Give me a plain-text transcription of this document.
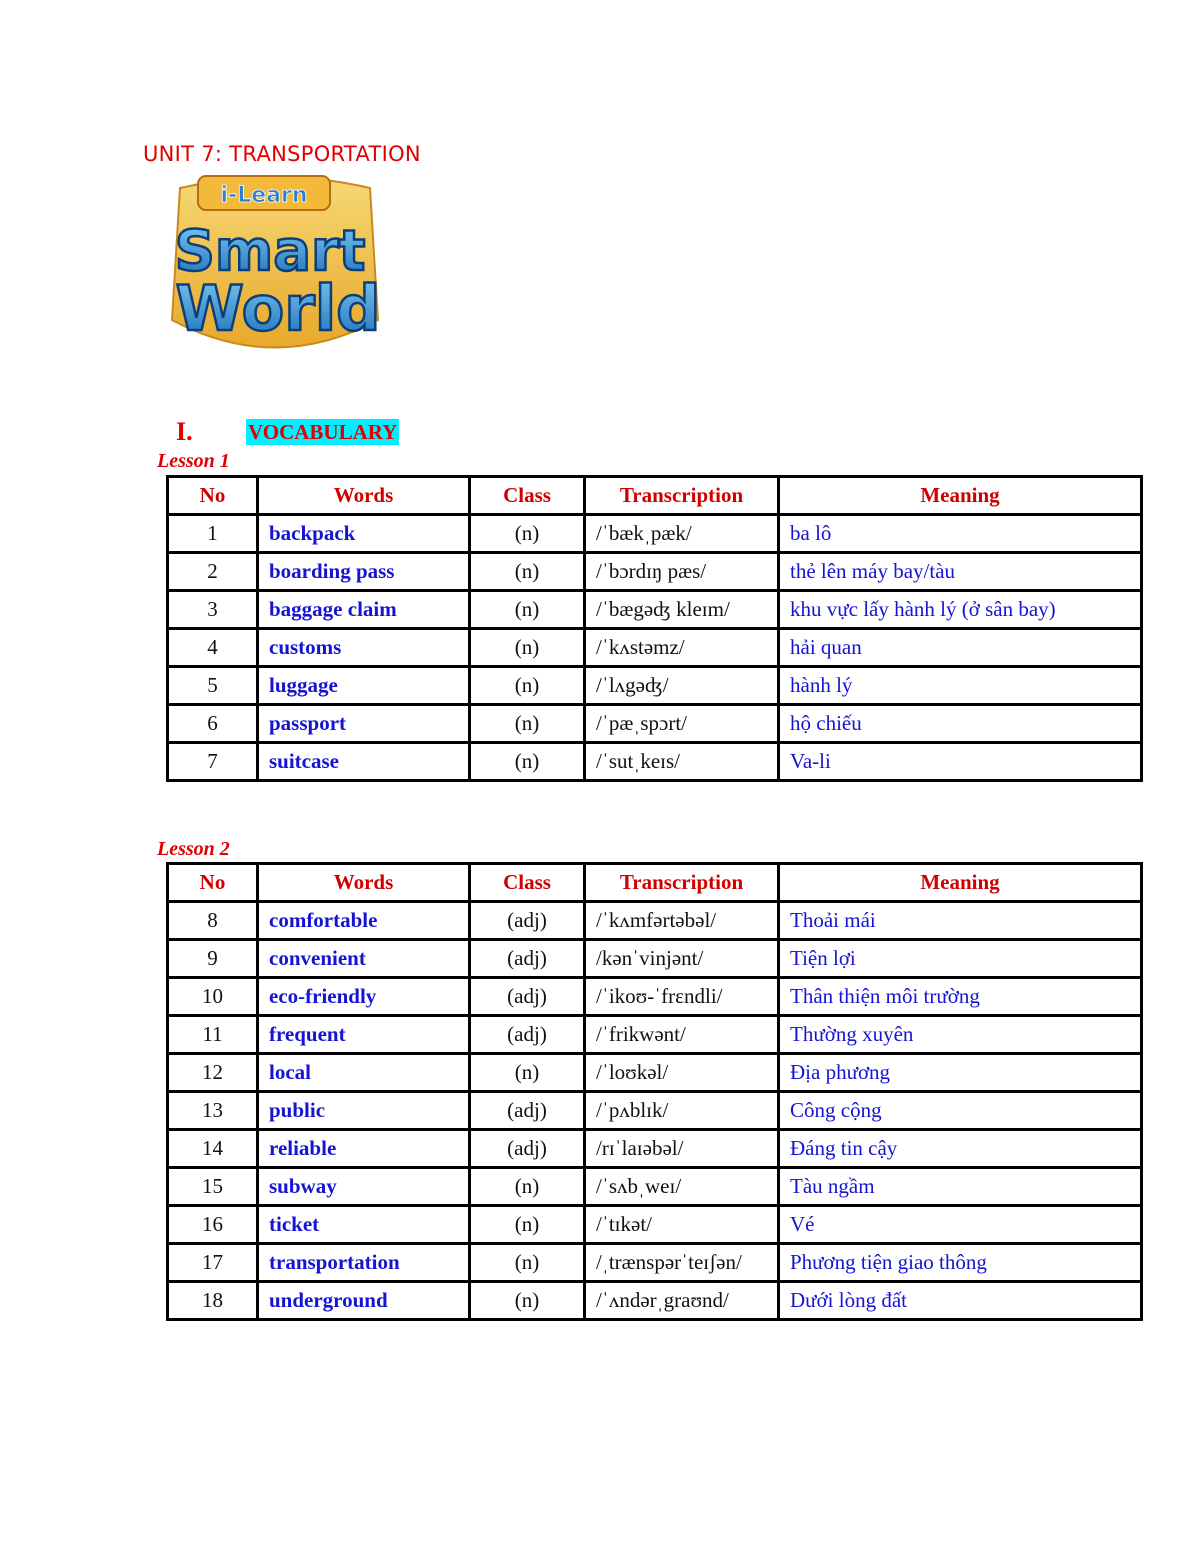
UNIT 7: TRANSPORTATION
i-Learn
Smart
World
I.	VOCABULARY
Lesson 1
No	Words	Class	Transcription	Meaning
1	backpack	(n)	/ˈbækˌpæk/	ba lô
2	boarding pass	(n)	/ˈbɔrdɪŋ pæs/	thẻ lên máy bay/tàu
3	baggage claim	(n)	/ˈbægəʤ kleɪm/	khu vực lấy hành lý (ở sân bay)
4	customs	(n)	/ˈkʌstəmz/	hải quan
5	luggage	(n)	/ˈlʌgəʤ/	hành lý
6	passport	(n)	/ˈpæˌspɔrt/	hộ chiếu
7	suitcase	(n)	/ˈsutˌkeɪs/	Va-li
Lesson 2
No	Words	Class	Transcription	Meaning
8	comfortable	(adj)	/ˈkʌmfərtəbəl/	Thoải mái
9	convenient	(adj)	/kənˈvinjənt/	Tiện lợi
10	eco-friendly	(adj)	/ˈikoʊ-ˈfrɛndli/	Thân thiện môi trường
11	frequent	(adj)	/ˈfrikwənt/	Thường xuyên
12	local	(n)	/ˈloʊkəl/	Địa phương
13	public	(adj)	/ˈpʌblɪk/	Công cộng
14	reliable	(adj)	/rɪˈlaɪəbəl/	Đáng tin cậy
15	subway	(n)	/ˈsʌbˌweɪ/	Tàu ngầm
16	ticket	(n)	/ˈtɪkət/	Vé
17	transportation	(n)	/ˌtrænspərˈteɪʃən/	Phương tiện giao thông
18	underground	(n)	/ˈʌndərˌgraʊnd/	Dưới lòng đất
